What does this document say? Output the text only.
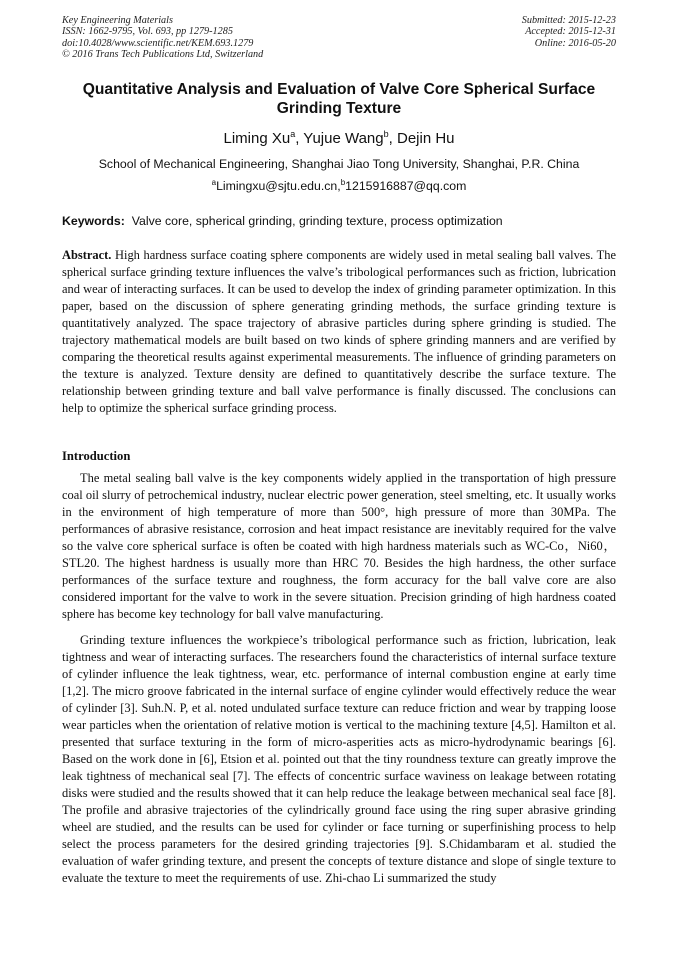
Key Engineering Materials
ISSN: 1662-9795, Vol. 693, pp 1279-1285
doi:10.4028/www.scientific.net/KEM.693.1279
© 2016 Trans Tech Publications Ltd, Switzerland
Submitted: 2015-12-23
Accepted: 2015-12-31
Online: 2016-05-20
Quantitative Analysis and Evaluation of Valve Core Spherical Surface Grinding Texture
Liming Xu$^a$, Yujue Wang$^b$, Dejin Hu
School of Mechanical Engineering, Shanghai Jiao Tong University, Shanghai, P.R. China
$^a$Limingxu@sjtu.edu.cn,$^b$1215916887@qq.com
Keywords: Valve core, spherical grinding, grinding texture, process optimization

Abstract. High hardness surface coating sphere components are widely used in metal sealing ball valves. The spherical surface grinding texture influences the valve’s tribological performances such as friction, lubrication and wear of interacting surfaces. It can be used to develop the index of grinding parameter optimization. In this paper, based on the discussion of sphere generating grinding methods, the surface grinding texture is quantitatively analyzed. The space trajectory of abrasive particles during sphere grinding is studied. The trajectory mathematical models are built based on two kinds of sphere grinding manners and are verified by comparing the theoretical results against experimental measurements. The influence of grinding parameters on the texture is analyzed. Texture density are defined to quantitatively describe the surface texture. The relationship between grinding texture and ball valve performance is finally discussed. The conclusions can help to optimize the spherical surface grinding process.

Introduction

The metal sealing ball valve is the key components widely applied in the transportation of high pressure coal oil slurry of petrochemical industry, nuclear electric power generation, steel smelting, etc. It usually works in the environment of high temperature of more than 500°, high pressure of more than 30MPa. The performances of abrasive resistance, corrosion and heat impact resistance are inevitably required for the valve so the valve core spherical surface is often be coated with high hardness materials such as WC-Co，Ni60，STL20. The highest hardness is usually more than HRC 70. Besides the high hardness, the other surface performances of the surface texture and roughness, the form accuracy for the ball valve core are also considered important for the valve to work in the severe situation. Precision grinding of high hardness coated sphere has become key technology for ball valve manufacturing.

Grinding texture influences the workpiece’s tribological performance such as friction, lubrication, leak tightness and wear of interacting surfaces. The researchers found the characteristics of internal surface texture of cylinder influence the leak tightness, wear, etc. performance of internal combustion engine at early time [1,2]. The micro groove fabricated in the internal surface of engine cylinder would effectively reduce the wear of cylinder [3]. Suh.N. P, et al. noted undulated surface texture can reduce friction and wear by trapping loose wear particles when the orientation of relative motion is vertical to the machining texture [4,5]. Hamilton et al. presented that surface texturing in the form of micro-asperities acts as micro-hydrodynamic bearings [6]. Based on the work done in [6], Etsion et al. pointed out that the tiny roundness texture can greatly improve the leak tightness of mechanical seal [7]. The effects of concentric surface waviness on leakage between rotating disks were studied and the results showed that it can help reduce the leakage between mechanical seal face [8]. The profile and abrasive trajectories of the cylindrically ground face using the ring super abrasive grinding wheel are studied, and the results can be used for cylinder or face turning or superfinishing process to help select the process parameters for the desired grinding trajectories [9]. S.Chidambaram et al. studied the evaluation of wafer grinding texture, and present the concepts of texture distance and slope of single texture to evaluate the texture to meet the requirements of use. Zhi-chao Li summarized the study
